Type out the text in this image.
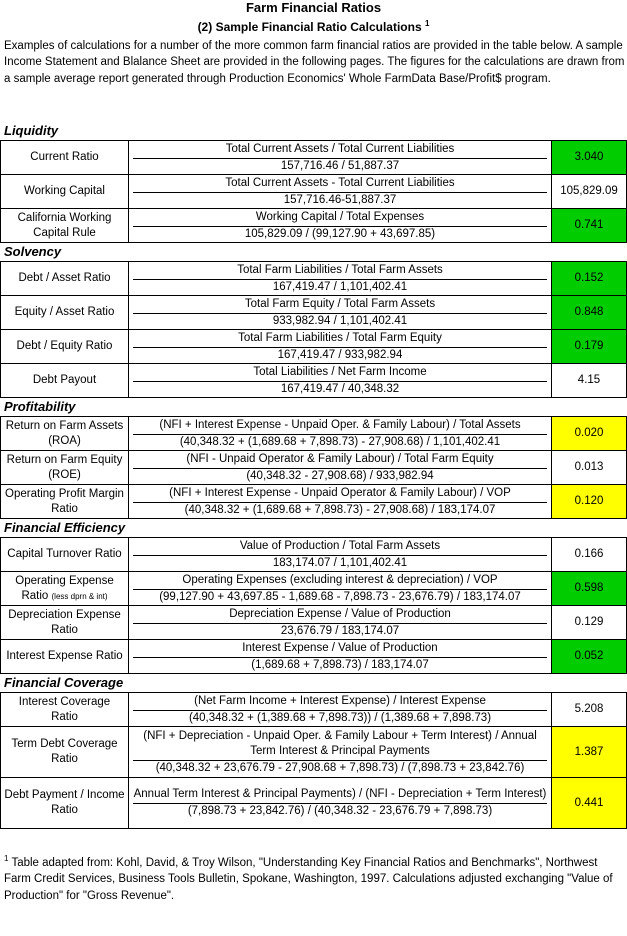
Farm Financial Ratios
(2) Sample Financial Ratio Calculations $^1$
Examples of calculations for a number of the more common farm financial ratios are provided in the table below. A sample Income Statement and Blalance Sheet are provided in the following pages. The figures for the calculations are drawn from a sample average report generated through Production Economics' Whole FarmData Base/Profit$ program.
Liquidity
Current Ratio
Total Current Assets / Total Current Liabilities
157,716.46 / 51,887.37
3.040
Working Capital
Total Current Assets - Total Current Liabilities
157,716.46-51,887.37
105,829.09
California Working Capital Rule
Working Capital / Total Expenses
105,829.09 / (99,127.90 + 43,697.85)
0.741
Solvency
Debt / Asset Ratio
Total Farm Liabilities / Total Farm Assets
167,419.47 / 1,101,402.41
0.152
Equity / Asset Ratio
Total Farm Equity / Total Farm Assets
933,982.94 / 1,101,402.41
0.848
Debt / Equity Ratio
Total Farm Liabilities / Total Farm Equity
167,419.47 / 933,982.94
0.179
Debt Payout
Total Liabilities / Net Farm Income
167,419.47 / 40,348.32
4.15
Profitability
Return on Farm Assets (ROA)
(NFI + Interest Expense - Unpaid Oper. & Family Labour) / Total Assets
(40,348.32 + (1,689.68 + 7,898.73) - 27,908.68) / 1,101,402.41
0.020
Return on Farm Equity (ROE)
(NFI - Unpaid Operator & Family Labour) / Total Farm Equity
(40,348.32 - 27,908.68) / 933,982.94
0.013
Operating Profit Margin Ratio
(NFI + Interest Expense - Unpaid Operator & Family Labour) / VOP
(40,348.32 + (1,689.68 + 7,898.73) - 27,908.68) / 183,174.07
0.120
Financial Efficiency
Capital Turnover Ratio
Value of Production / Total Farm Assets
183,174.07 / 1,101,402.41
0.166
Operating Expense Ratio (less dprn & int)
Operating Expenses (excluding interest & depreciation) / VOP
(99,127.90 + 43,697.85 - 1,689.68 - 7,898.73 - 23,676.79) / 183,174.07
0.598
Depreciation Expense Ratio
Depreciation Expense / Value of Production
23,676.79 / 183,174.07
0.129
Interest Expense Ratio
Interest Expense / Value of Production
(1,689.68 + 7,898.73) / 183,174.07
0.052
Financial Coverage
Interest Coverage Ratio
(Net Farm Income + Interest Expense) / Interest Expense
(40,348.32 + (1,389.68 + 7,898.73)) / (1,389.68 + 7,898.73)
5.208
Term Debt Coverage Ratio
(NFI + Depreciation - Unpaid Oper. & Family Labour + Term Interest) / Annual Term Interest & Principal Payments
(40,348.32 + 23,676.79 - 27,908.68 + 7,898.73) / (7,898.73 + 23,842.76)
1.387
Debt Payment / Income Ratio
Annual Term Interest & Principal Payments) / (NFI - Depreciation + Term Interest)
(7,898.73 + 23,842.76) / (40,348.32 - 23,676.79 + 7,898.73)
0.441
$^1$ Table adapted from: Kohl, David, & Troy Wilson, "Understanding Key Financial Ratios and Benchmarks", Northwest Farm Credit Services, Business Tools Bulletin, Spokane, Washington, 1997. Calculations adjusted exchanging "Value of Production" for "Gross Revenue".
